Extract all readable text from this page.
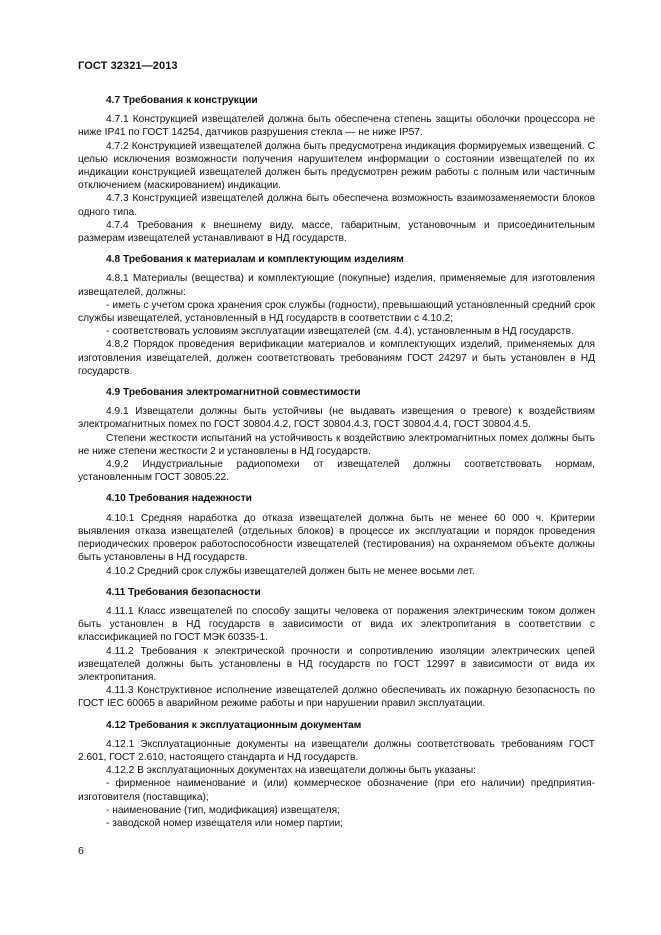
ГОСТ 32321—2013
4.7 Требования к конструкции

4.7.1 Конструкцией извещателей должна быть обеспечена степень защиты оболочки процессора не ниже IP41 по ГОСТ 14254, датчиков разрушения стекла — не ниже IP57.

4.7.2 Конструкцией извещателей должна быть предусмотрена индикация формируемых извещений. С целью исключения возможности получения нарушителем информации о состоянии извещателей по их индикации конструкцией извещателей должен быть предусмотрен режим работы с полным или частичным отключением (маскированием) индикации.

4.7.3 Конструкцией извещателей должна быть обеспечена возможность взаимозаменяемости блоков одного типа.

4.7.4 Требования к внешнему виду, массе, габаритным, установочным и присоединительным размерам извещателей устанавливают в НД государств.

4.8 Требования к материалам и комплектующим изделиям

4.8.1 Материалы (вещества) и комплектующие (покупные) изделия, применяемые для изготовления извещателей, должны:

- иметь с учетом срока хранения срок службы (годности), превышающий установленный средний срок службы извещателей, установленный в НД государств в соответствии с 4.10.2;

- соответствовать условиям эксплуатации извещателей (см. 4.4), установленным в НД государств.

4.8.2 Порядок проведения верификации материалов и комплектующих изделий, применяемых для изготовления извещателей, должен соответствовать требованиям ГОСТ 24297 и быть установлен в НД государств.

4.9 Требования электромагнитной совместимости

4.9.1 Извещатели должны быть устойчивы (не выдавать извещения о тревоге) к воздействиям электромагнитных помех по ГОСТ 30804.4.2, ГОСТ 30804.4.3, ГОСТ 30804.4.4, ГОСТ 30804.4.5.

Степени жесткости испытаний на устойчивость к воздействию электромагнитных помех должны быть не ниже степени жесткости 2 и установлены в НД государств.

4.9.2 Индустриальные радиопомехи от извещателей должны соответствовать нормам, установленным ГОСТ 30805.22.

4.10 Требования надежности

4.10.1 Средняя наработка до отказа извещателей должна быть не менее 60 000 ч. Критерии выявления отказа извещателей (отдельных блоков) в процессе их эксплуатации и порядок проведения периодических проверок работоспособности извещателей (тестирования) на охраняемом объекте должны быть установлены в НД государств.

4.10.2 Средний срок службы извещателей должен быть не менее восьми лет.

4.11 Требования безопасности

4.11.1 Класс извещателей по способу защиты человека от поражения электрическим током должен быть установлен в НД государств в зависимости от вида их электропитания в соответствии с классификацией по ГОСТ МЭК 60335-1.

4.11.2 Требования к электрической прочности и сопротивлению изоляции электрических цепей извещателей должны быть установлены в НД государств по ГОСТ 12997 в зависимости от вида их электропитания.

4.11.3 Конструктивное исполнение извещателей должно обеспечивать их пожарную безопасность по ГОСТ IEC 60065 в аварийном режиме работы и при нарушении правил эксплуатации.

4.12 Требования к эксплуатационным документам

4.12.1 Эксплуатационные документы на извещатели должны соответствовать требованиям ГОСТ 2.601, ГОСТ 2.610, настоящего стандарта и НД государств.

4.12.2 В эксплуатационных документах на извещатели должны быть указаны:

- фирменное наименование и (или) коммерческое обозначение (при его наличии) предприятия-изготовителя (поставщика);

- наименование (тип, модификация) извещателя;

- заводской номер извещателя или номер партии;

6
